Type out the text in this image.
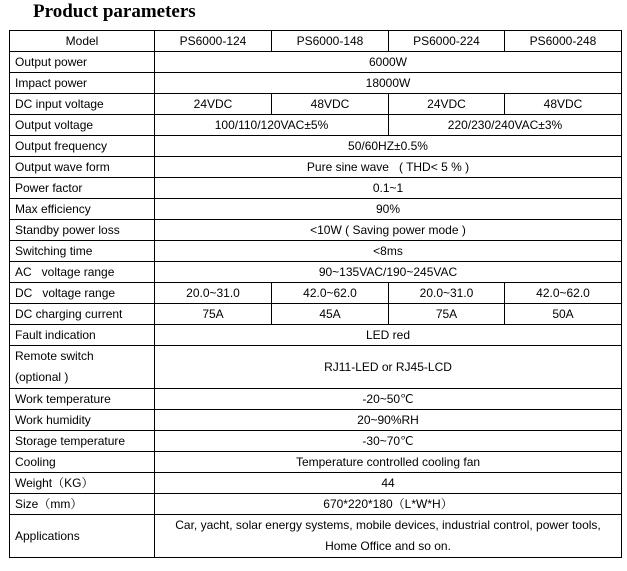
Product parameters
Model	PS6000-124	PS6000-148	PS6000-224	PS6000-248
Output power	6000W			
Impact power	18000W			
DC input voltage	24VDC	48VDC	24VDC	48VDC
Output voltage	100/110/120VAC±5%		220/230/240VAC±3%	
Output frequency	50/60HZ±0.5%			
Output wave form	Pure sine wave   ( THD< 5 % )			
Power factor	0.1~1			
Max efficiency	90%			
Standby power loss	<10W ( Saving power mode )			
Switching time	<8ms			
AC   voltage range	90~135VAC/190~245VAC			
DC   voltage range	20.0~31.0	42.0~62.0	20.0~31.0	42.0~62.0
DC charging current	75A	45A	75A	50A
Fault indication	LED red			

Remote switch
(optional )	RJ11-LED or RJ45-LCD			
Work temperature	-20~50℃			
Work humidity	20~90%RH			
Storage temperature	-30~70℃			
Cooling	Temperature controlled cooling fan			
Weight（KG）	44			
Size（mm）	670*220*180（L*W*H）			
Applications	Car, yacht, solar energy systems, mobile devices, industrial control, power tools,
Home Office and so on.			
